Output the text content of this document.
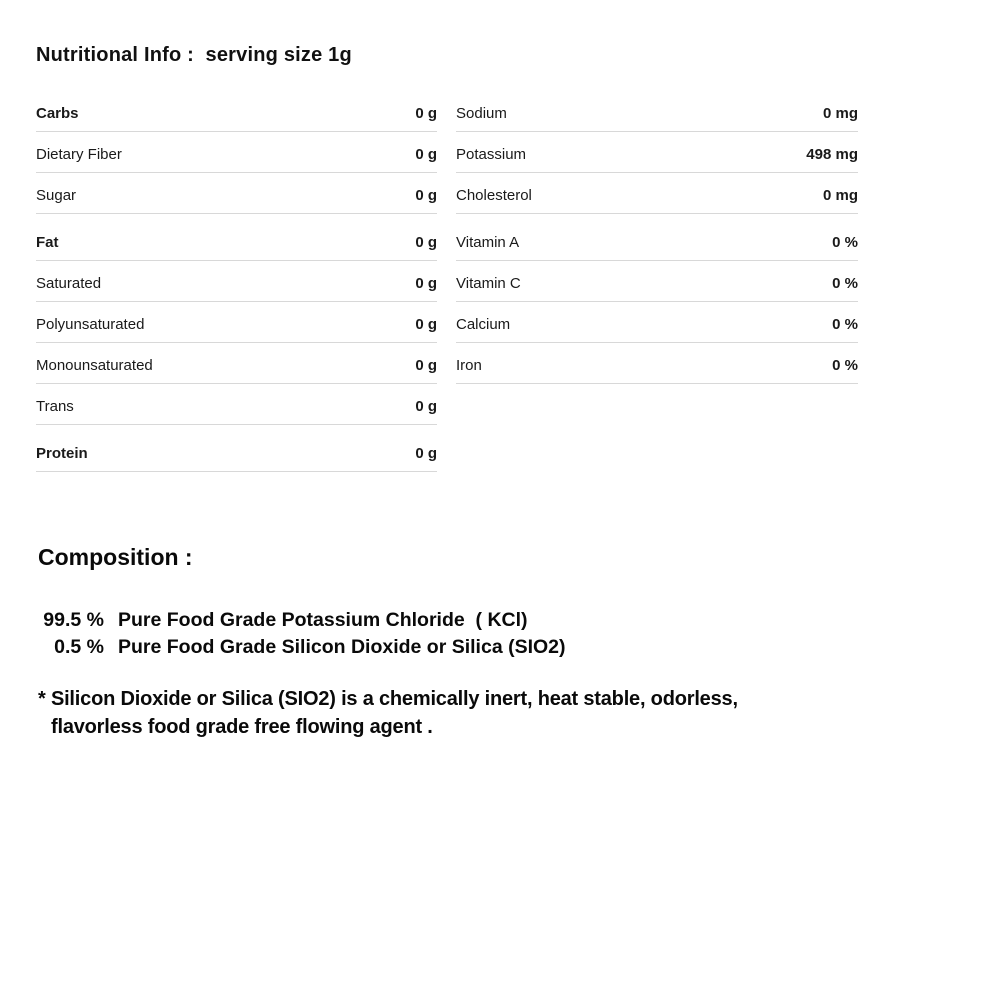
Nutritional Info :  serving size 1g
Carbs	0 g
Dietary Fiber	0 g
Sugar	0 g
Fat	0 g
Saturated	0 g
Polyunsaturated	0 g
Monounsaturated	0 g
Trans	0 g
Protein	0 g
Sodium	0 mg
Potassium	498 mg
Cholesterol	0 mg
Vitamin A	0 %
Vitamin C	0 %
Calcium	0 %
Iron	0 %
Composition :
99.5 % Pure Food Grade Potassium Chloride  ( KCl)
0.5 % Pure Food Grade Silicon Dioxide or Silica (SIO2)
* Silicon Dioxide or Silica (SIO2) is a chemically inert, heat stable, odorless,
flavorless food grade free flowing agent .
